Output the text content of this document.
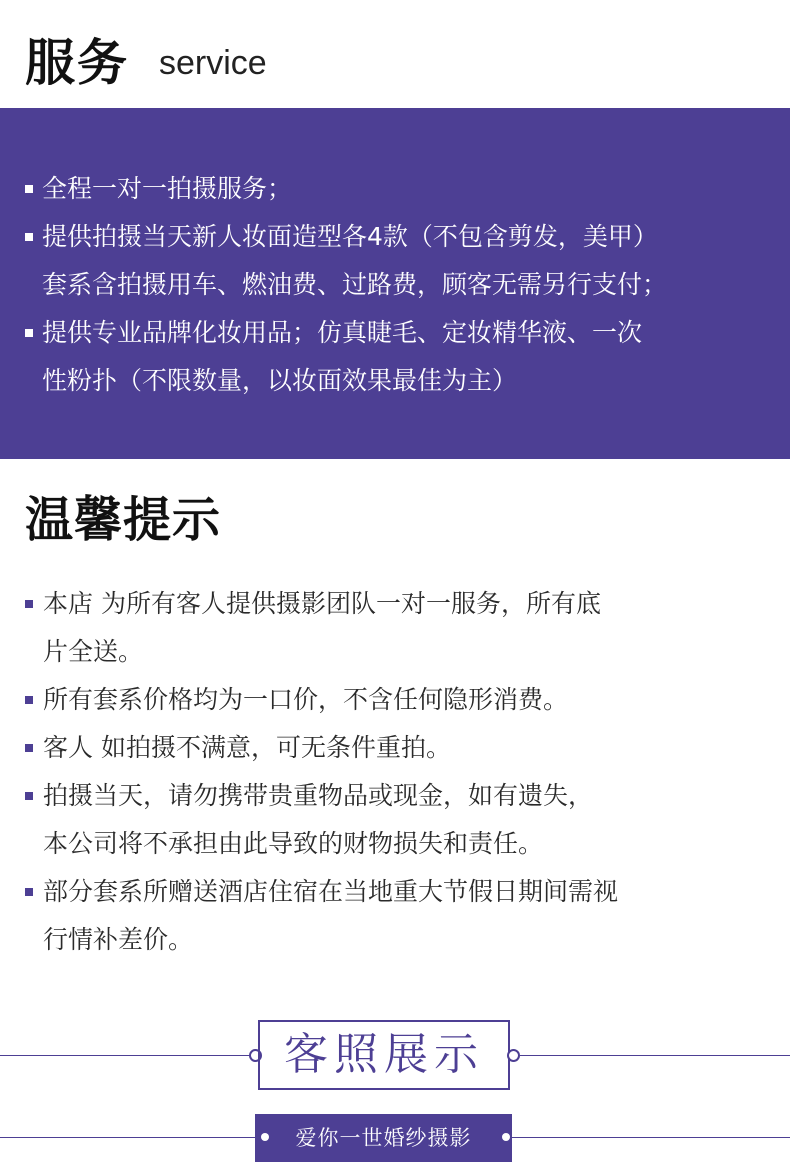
服务 service
全程一对一拍摄服务；
提供拍摄当天新人妆面造型各4款（不包含剪发，美甲）
套系含拍摄用车、燃油费、过路费，顾客无需另行支付；
提供专业品牌化妆用品；仿真睫毛、定妆精华液、一次
性粉扑（不限数量，以妆面效果最佳为主）
温馨提示
本店 为所有客人提供摄影团队一对一服务，所有底
片全送。
所有套系价格均为一口价，不含任何隐形消费。
客人 如拍摄不满意，可无条件重拍。
拍摄当天，请勿携带贵重物品或现金，如有遗失，
本公司将不承担由此导致的财物损失和责任。
部分套系所赠送酒店住宿在当地重大节假日期间需视
行情补差价。
客照展示
爱你一世婚纱摄影
